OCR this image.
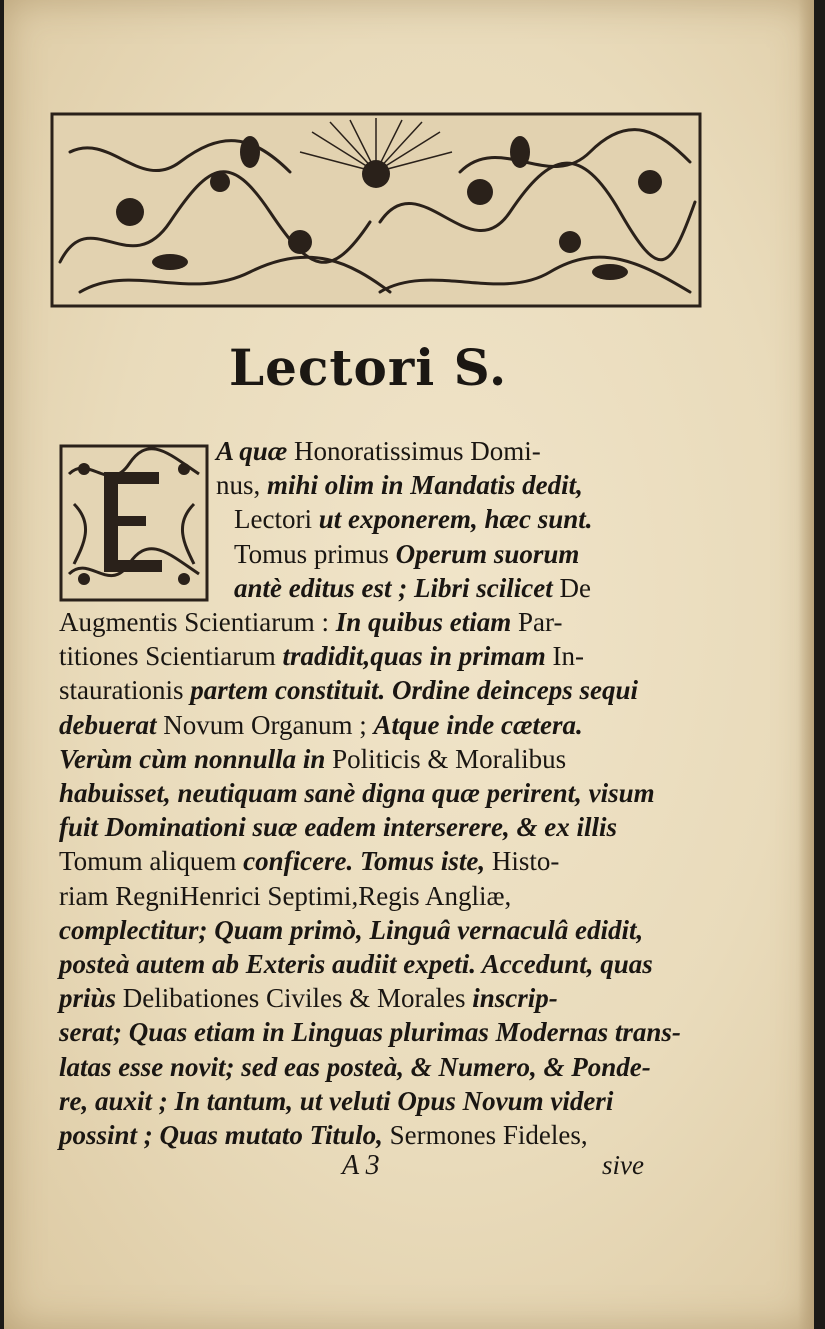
Lectori S.
A quæ Honoratissimus Domi-
nus, mihi olim in Mandatis dedit,
Lectori ut exponerem, hæc sunt.
Tomus primus Operum suorum
antè editus est ; Libri scilicet De
Augmentis Scientiarum : In quibus etiam Par-
titiones Scientiarum tradidit,quas in primam In-
staurationis partem constituit. Ordine deinceps sequi
debuerat Novum Organum ; Atque inde cætera.
Verùm cùm nonnulla in Politicis & Moralibus
habuisset, neutiquam sanè digna quæ perirent, visum
fuit Dominationi suæ eadem interserere, & ex illis
Tomum aliquem conficere. Tomus iste, Histo-
riam RegniHenrici Septimi,Regis Angliæ,
complectitur; Quam primò, Linguâ vernaculâ edidit,
posteà autem ab Exteris audiit expeti. Accedunt, quas
priùs Delibationes Civiles & Morales inscrip-
serat; Quas etiam in Linguas plurimas Modernas trans-
latas esse novit; sed eas posteà, & Numero, & Ponde-
re, auxit ; In tantum, ut veluti Opus Novum videri
possint ; Quas mutato Titulo, Sermones Fideles,
A 3	sive
